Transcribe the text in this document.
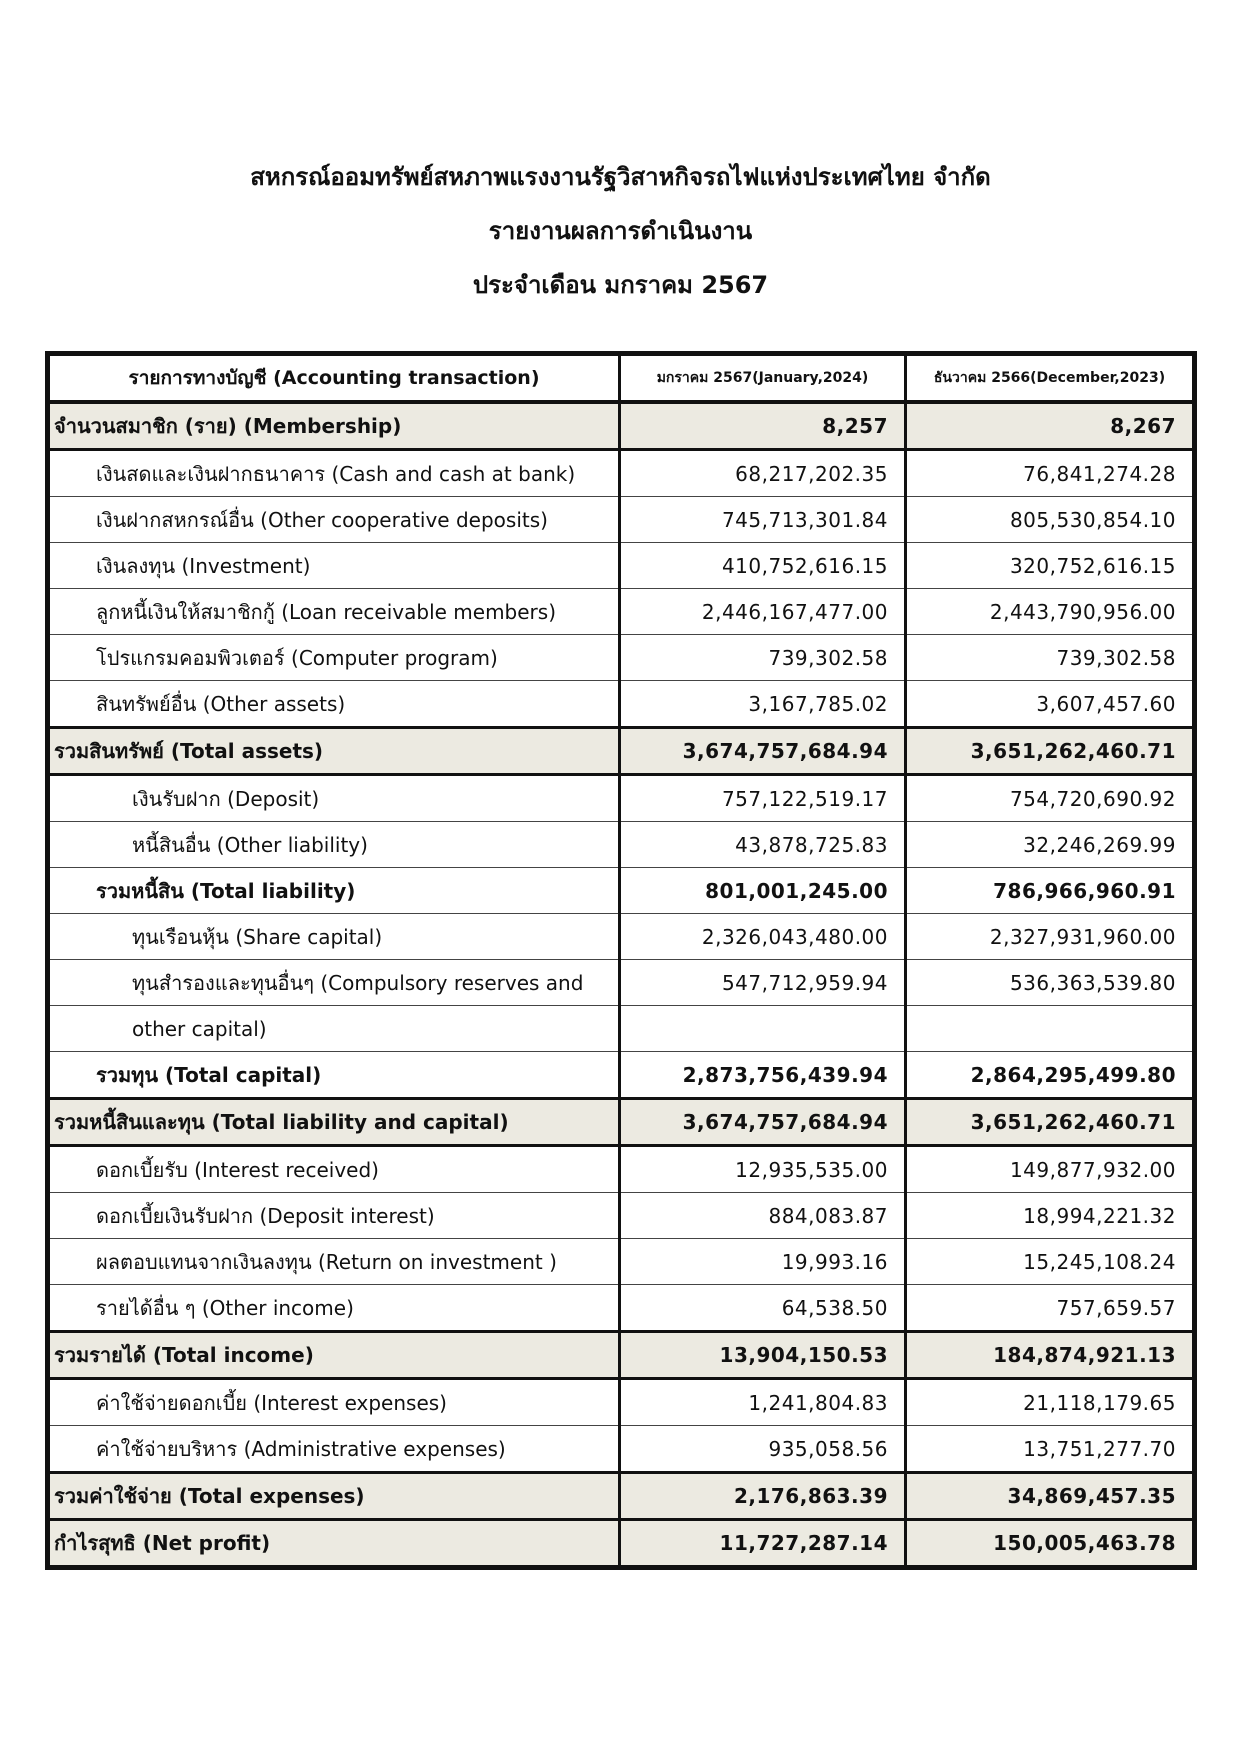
สหกรณ์ออมทรัพย์สหภาพแรงงานรัฐวิสาหกิจรถไฟแห่งประเทศไทย จำกัด
รายงานผลการดำเนินงาน
ประจำเดือน มกราคม 2567
รายการทางบัญชี (Accounting transaction)	มกราคม 2567(January,2024)	ธันวาคม 2566(December,2023)
จำนวนสมาชิก (ราย) (Membership)	8,257	8,267
เงินสดและเงินฝากธนาคาร (Cash and cash at bank)	68,217,202.35	76,841,274.28
เงินฝากสหกรณ์อื่น (Other cooperative deposits)	745,713,301.84	805,530,854.10
เงินลงทุน (Investment)	410,752,616.15	320,752,616.15
ลูกหนี้เงินให้สมาชิกกู้ (Loan receivable members)	2,446,167,477.00	2,443,790,956.00
โปรแกรมคอมพิวเตอร์ (Computer program)	739,302.58	739,302.58
สินทรัพย์อื่น (Other assets)	3,167,785.02	3,607,457.60
รวมสินทรัพย์ (Total assets)	3,674,757,684.94	3,651,262,460.71
เงินรับฝาก (Deposit)	757,122,519.17	754,720,690.92
หนี้สินอื่น (Other liability)	43,878,725.83	32,246,269.99
รวมหนี้สิน (Total liability)	801,001,245.00	786,966,960.91
ทุนเรือนหุ้น (Share capital)	2,326,043,480.00	2,327,931,960.00
ทุนสำรองและทุนอื่นๆ (Compulsory reserves and	547,712,959.94	536,363,539.80
other capital)		
รวมทุน (Total capital)	2,873,756,439.94	2,864,295,499.80
รวมหนี้สินและทุน (Total liability and capital)	3,674,757,684.94	3,651,262,460.71
ดอกเบี้ยรับ (Interest received)	12,935,535.00	149,877,932.00
ดอกเบี้ยเงินรับฝาก (Deposit interest)	884,083.87	18,994,221.32
ผลตอบแทนจากเงินลงทุน (Return on investment )	19,993.16	15,245,108.24
รายได้อื่น ๆ (Other income)	64,538.50	757,659.57
รวมรายได้ (Total income)	13,904,150.53	184,874,921.13
ค่าใช้จ่ายดอกเบี้ย (Interest expenses)	1,241,804.83	21,118,179.65
ค่าใช้จ่ายบริหาร (Administrative expenses)	935,058.56	13,751,277.70
รวมค่าใช้จ่าย (Total expenses)	2,176,863.39	34,869,457.35
กำไรสุทธิ (Net profit)	11,727,287.14	150,005,463.78
